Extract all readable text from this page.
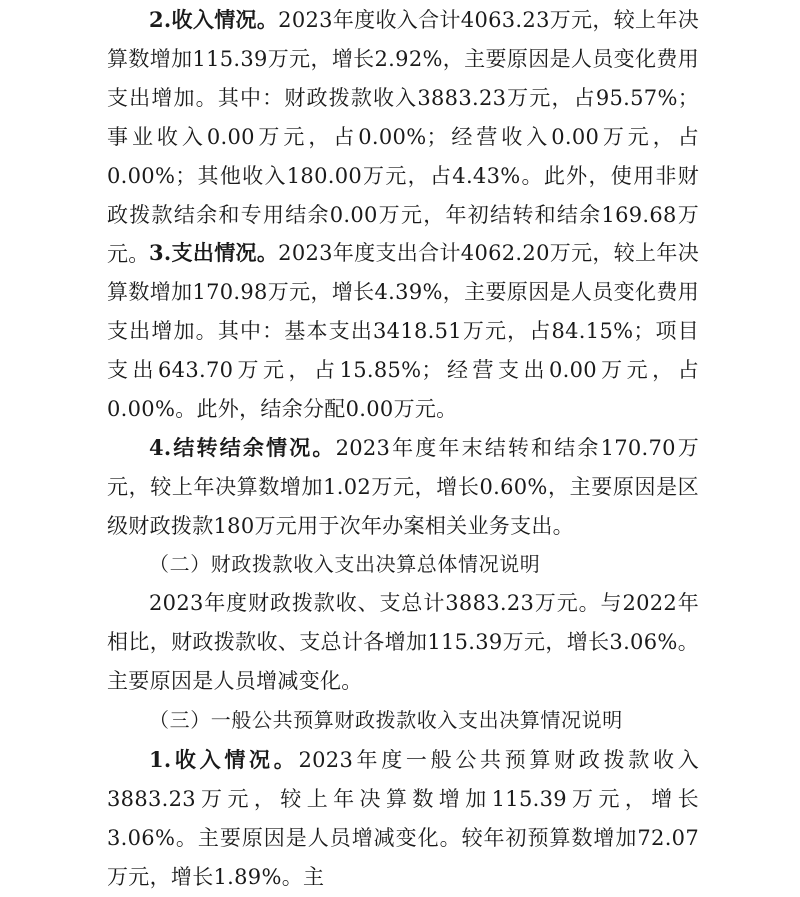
2.收入情况。2023年度收入合计4063.23万元，较上年决算数增加115.39万元，增长2.92%，主要原因是人员变化费用支出增加。其中：财政拨款收入3883.23万元，占95.57%；事业收入0.00万元，占0.00%；经营收入0.00万元，占0.00%；其他收入180.00万元，占4.43%。此外，使用非财政拨款结余和专用结余0.00万元，年初结转和结余169.68万元。 3.支出情况。2023年度支出合计4062.20万元，较上年决算数增加170.98万元，增长4.39%，主要原因是人员变化费用支出增加。其中：基本支出3418.51万元，占84.15%；项目支出643.70万元，占15.85%；经营支出0.00万元，占0.00%。此外，结余分配0.00万元。

4.结转结余情况。2023年度年末结转和结余170.70万元，较上年决算数增加1.02万元，增长0.60%，主要原因是区级财政拨款180万元用于次年办案相关业务支出。

（二）财政拨款收入支出决算总体情况说明

2023年度财政拨款收、支总计3883.23万元。与2022年相比，财政拨款收、支总计各增加115.39万元，增长3.06%。主要原因是人员增减变化。

（三）一般公共预算财政拨款收入支出决算情况说明

1.收入情况。2023年度一般公共预算财政拨款收入3883.23万元，较上年决算数增加115.39万元，增长3.06%。主要原因是人员增减变化。较年初预算数增加72.07万元，增长1.89%。主
